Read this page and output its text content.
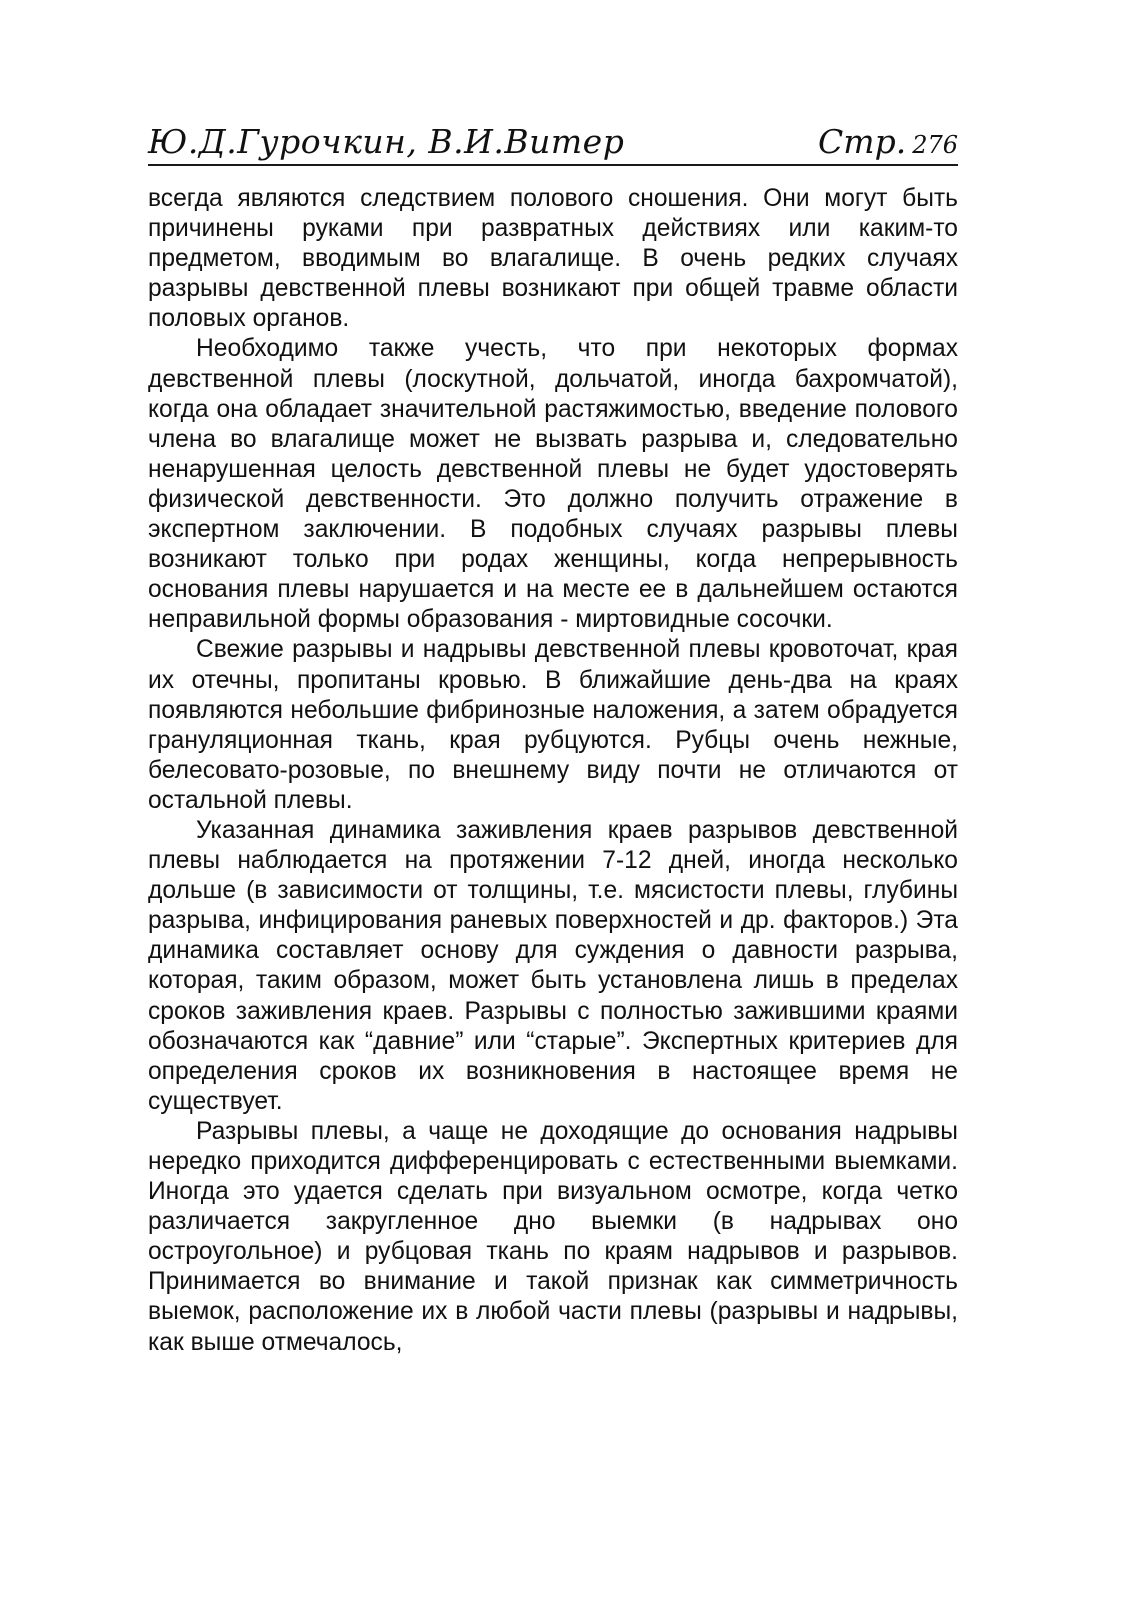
Ю.Д.Гурочкин, В.И.Витер	Стр. 276

всегда являются следствием полового сношения. Они могут быть причинены руками при развратных действиях или каким-то предметом, вводимым во влагалище. В очень редких случаях разрывы девственной плевы возникают при общей травме области половых органов.

Необходимо также учесть, что при некоторых формах девственной плевы (лоскутной, дольчатой, иногда бахромчатой), когда она обладает значительной растяжимостью, введение полового члена во влагалище может не вызвать разрыва и, следовательно ненарушенная целость девственной плевы не будет удостоверять физической девственности. Это должно получить отражение в экспертном заключении. В подобных случаях разрывы плевы возникают только при родах женщины, когда непрерывность основания плевы нарушается и на месте ее в дальнейшем остаются неправильной формы образования - миртовидные сосочки.

Свежие разрывы и надрывы девственной плевы кровоточат, края их отечны, пропитаны кровью. В ближайшие день-два на краях появляются небольшие фибринозные наложения, а затем обрадуется грануляционная ткань, края рубцуются. Рубцы очень нежные, белесовато-розовые, по внешнему виду почти не отличаются от остальной плевы.

Указанная динамика заживления краев разрывов девственной плевы наблюдается на протяжении 7-12 дней, иногда несколько дольше (в зависимости от толщины, т.е. мясистости плевы, глубины разрыва, инфицирования раневых поверхностей и др. факторов.) Эта динамика составляет основу для суждения о давности разрыва, которая, таким образом, может быть установлена лишь в пределах сроков заживления краев. Разрывы с полностью зажившими краями обозначаются как “давние” или “старые”. Экспертных критериев для определения сроков их возникновения в настоящее время не существует.

Разрывы плевы, а чаще не доходящие до основания надрывы нередко приходится дифференцировать с естественными выемками. Иногда это удается сделать при визуальном осмотре, когда четко различается закругленное дно выемки (в надрывах оно остроугольное) и рубцовая ткань по краям надрывов и разрывов. Принимается во внимание и такой признак как симметричность выемок, расположение их в любой части плевы (разрывы и надрывы, как выше отмечалось,
